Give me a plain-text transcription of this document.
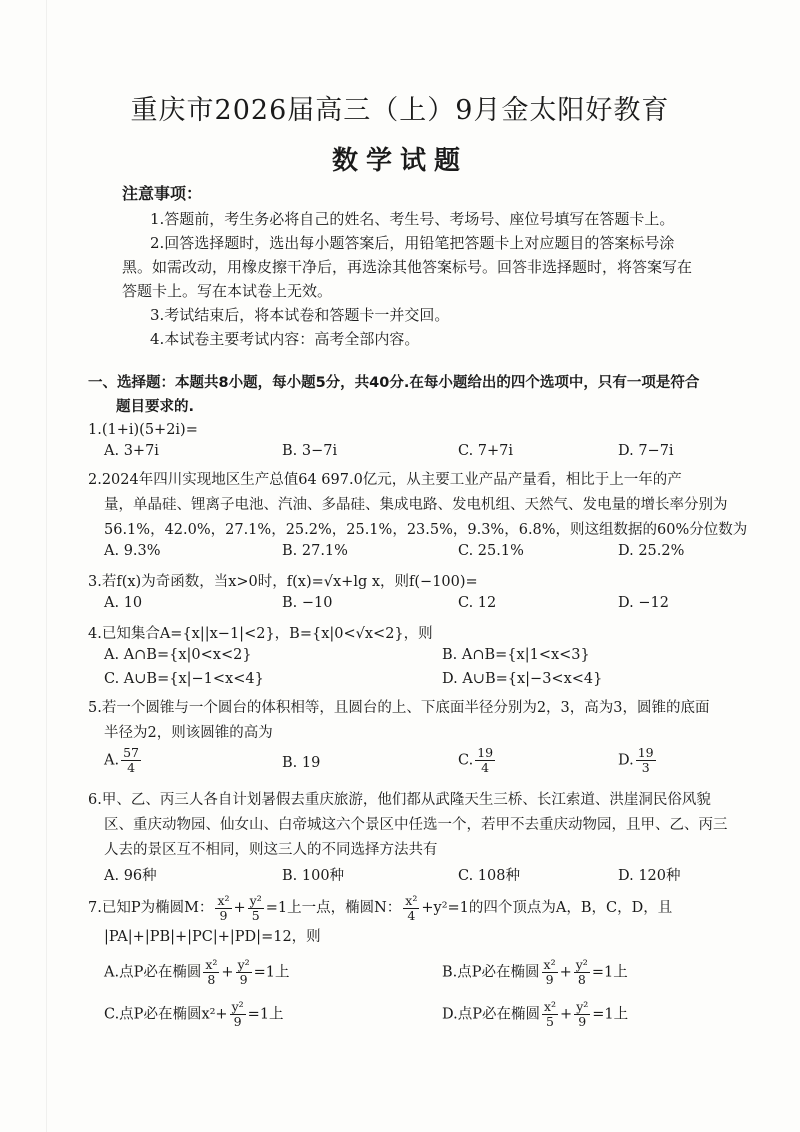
重庆市2026届高三（上）9月金太阳好教育
数学试题
注意事项：
1.答题前，考生务必将自己的姓名、考生号、考场号、座位号填写在答题卡上。
2.回答选择题时，选出每小题答案后，用铅笔把答题卡上对应题目的答案标号涂
黑。如需改动，用橡皮擦干净后，再选涂其他答案标号。回答非选择题时，将答案写在
答题卡上。写在本试卷上无效。
3.考试结束后，将本试卷和答题卡一并交回。
4.本试卷主要考试内容：高考全部内容。
一、选择题：本题共8小题，每小题5分，共40分.在每小题给出的四个选项中，只有一项是符合
题目要求的.
1.(1+i)(5+2i)=
A. 3+7i	B. 3−7i	C. 7+7i	D. 7−7i
2.2024年四川实现地区生产总值64 697.0亿元，从主要工业产品产量看，相比于上一年的产
量，单晶硅、锂离子电池、汽油、多晶硅、集成电路、发电机组、天然气、发电量的增长率分别为
56.1%，42.0%，27.1%，25.2%，25.1%，23.5%，9.3%，6.8%，则这组数据的60%分位数为
A. 9.3%	B. 27.1%	C. 25.1%	D. 25.2%
3.若f(x)为奇函数，当x>0时，f(x)=√x+lg x，则f(−100)=
A. 10	B. −10	C. 12	D. −12
4.已知集合A={x||x−1|<2}，B={x|0<√x<2}，则
A. A∩B={x|0<x<2}	B. A∩B={x|1<x<3}
C. A∪B={x|−1<x<4}	D. A∪B={x|−3<x<4}
5.若一个圆锥与一个圆台的体积相等，且圆台的上、下底面半径分别为2，3，高为3，圆锥的底面
半径为2，则该圆锥的高为
A. $\frac{57}{4}$	B. 19	C. $\frac{19}{4}$	D. $\frac{19}{3}$
6.甲、乙、丙三人各自计划暑假去重庆旅游，他们都从武隆天生三桥、长江索道、洪崖洞民俗风貌
区、重庆动物园、仙女山、白帝城这六个景区中任选一个，若甲不去重庆动物园，且甲、乙、丙三
人去的景区互不相同，则这三人的不同选择方法共有
A. 96种	B. 100种	C. 108种	D. 120种
7.已知P为椭圆M： $\frac{\text{x²}}{9} + \frac{\text{y²}}{5} =1$上一点，椭圆N： $\frac{\text{x²}}{4} +y^2=1$的四个顶点为A，B，C，D，且
|PA|+|PB|+|PC|+|PD|=12，则
A.点P必在椭圆 $\frac{\text{x²}}{8} + \frac{\text{y²}}{9} =1$上	B.点P必在椭圆 $\frac{\text{x²}}{9} + \frac{\text{y²}}{8} =1$上
C.点P必在椭圆$x^2+ \frac{\text{y²}}{9} =1$上	D.点P必在椭圆 $\frac{\text{x²}}{5} + \frac{\text{y²}}{9} =1$上
